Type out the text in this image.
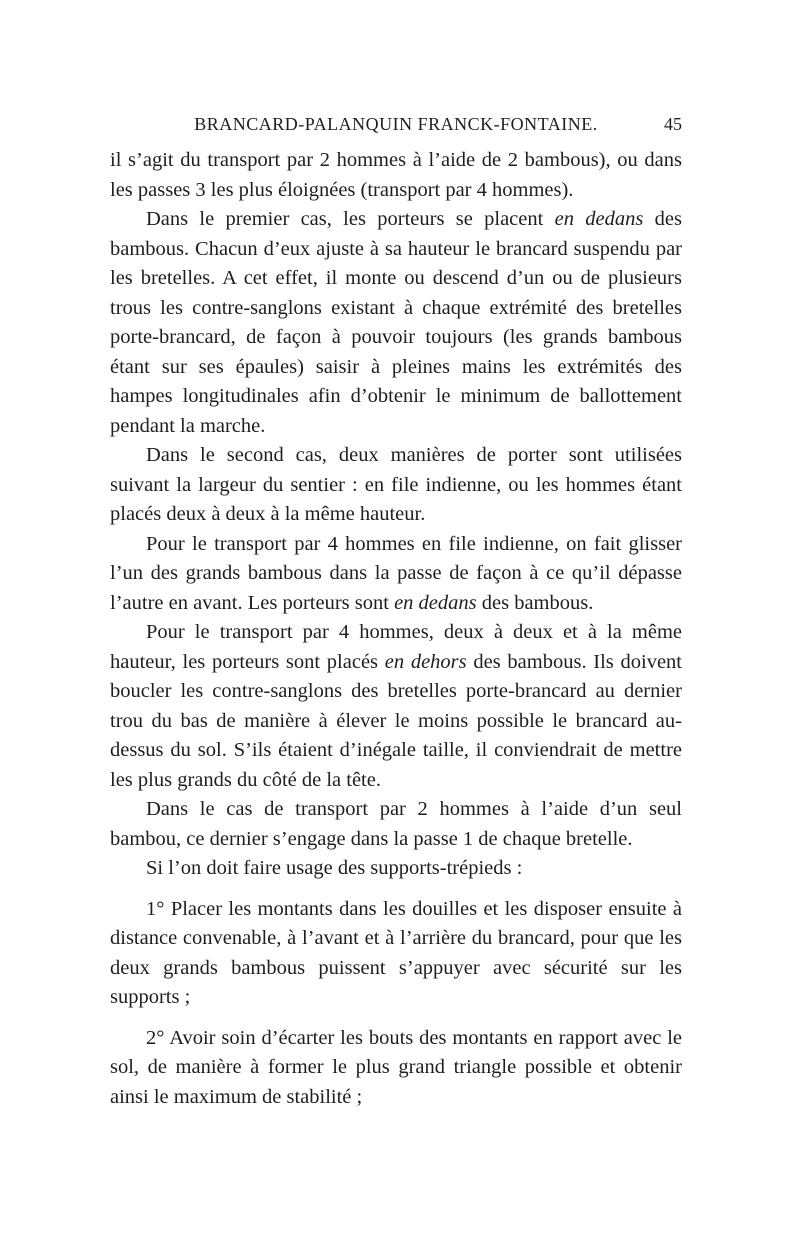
BRANCARD-PALANQUIN FRANCK-FONTAINE.	45

il s’agit du transport par 2 hommes à l’aide de 2 bambous), ou dans les passes 3 les plus éloignées (transport par 4 hommes).

Dans le premier cas, les porteurs se placent en dedans des bambous. Chacun d’eux ajuste à sa hauteur le brancard suspendu par les bretelles. A cet effet, il monte ou descend d’un ou de plusieurs trous les contre-sanglons existant à chaque extrémité des bretelles porte-brancard, de façon à pouvoir toujours (les grands bambous étant sur ses épaules) saisir à pleines mains les extrémités des hampes longitudinales afin d’obtenir le minimum de ballottement pendant la marche.

Dans le second cas, deux manières de porter sont utilisées suivant la largeur du sentier : en file indienne, ou les hommes étant placés deux à deux à la même hauteur.

Pour le transport par 4 hommes en file indienne, on fait glisser l’un des grands bambous dans la passe de façon à ce qu’il dépasse l’autre en avant. Les porteurs sont en dedans des bambous.

Pour le transport par 4 hommes, deux à deux et à la même hauteur, les porteurs sont placés en dehors des bambous. Ils doivent boucler les contre-sanglons des bretelles porte-brancard au dernier trou du bas de manière à élever le moins possible le brancard au-dessus du sol. S’ils étaient d’inégale taille, il conviendrait de mettre les plus grands du côté de la tête.

Dans le cas de transport par 2 hommes à l’aide d’un seul bambou, ce dernier s’engage dans la passe 1 de chaque bretelle.

Si l’on doit faire usage des supports-trépieds :

1° Placer les montants dans les douilles et les disposer ensuite à distance convenable, à l’avant et à l’arrière du brancard, pour que les deux grands bambous puissent s’appuyer avec sécurité sur les supports ;

2° Avoir soin d’écarter les bouts des montants en rapport avec le sol, de manière à former le plus grand triangle possible et obtenir ainsi le maximum de stabilité ;
